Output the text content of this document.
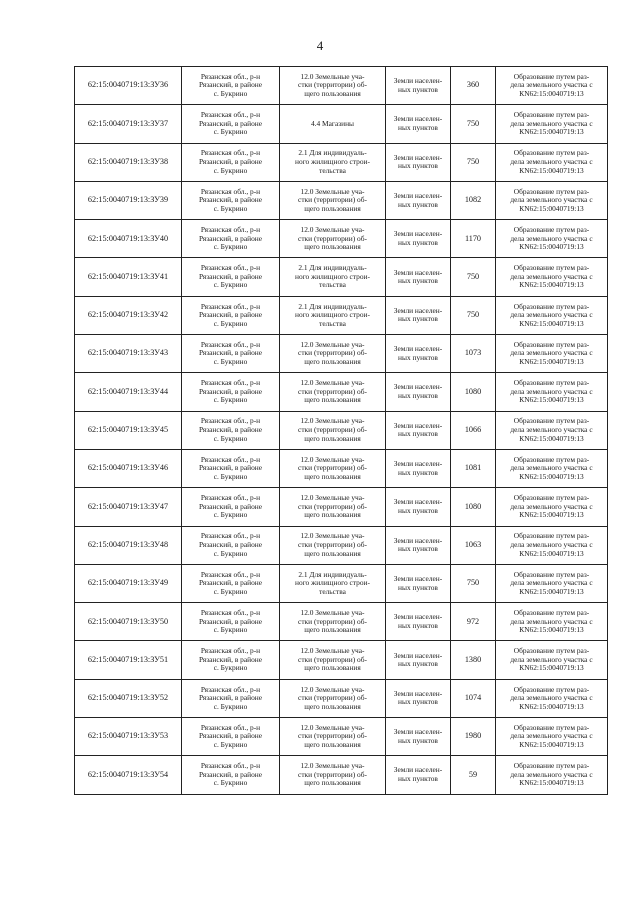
4
62:15:0040719:13:ЗУ36	Рязанская обл., р-н
Рязанский, в районе
с. Букрино	12.0 Земельные уча-
стки (территории) об-
щего пользования	Земли населен-
ных пунктов	360	Образование путем раз-
дела земельного участка с
КN62:15:0040719:13

62:15:0040719:13:ЗУ37	Рязанская обл., р-н
Рязанский, в районе
с. Букрино	4.4 Магазины	Земли населен-
ных пунктов	750	Образование путем раз-
дела земельного участка с
КN62:15:0040719:13

62:15:0040719:13:ЗУ38	Рязанская обл., р-н
Рязанский, в районе
с. Букрино	2.1 Для индивидуаль-
ного жилищного строи-
тельства	Земли населен-
ных пунктов	750	Образование путем раз-
дела земельного участка с
КN62:15:0040719:13

62:15:0040719:13:ЗУ39	Рязанская обл., р-н
Рязанский, в районе
с. Букрино	12.0 Земельные уча-
стки (территории) об-
щего пользования	Земли населен-
ных пунктов	1082	Образование путем раз-
дела земельного участка с
КN62:15:0040719:13

62:15:0040719:13:ЗУ40	Рязанская обл., р-н
Рязанский, в районе
с. Букрино	12.0 Земельные уча-
стки (территории) об-
щего пользования	Земли населен-
ных пунктов	1170	Образование путем раз-
дела земельного участка с
КN62:15:0040719:13

62:15:0040719:13:ЗУ41	Рязанская обл., р-н
Рязанский, в районе
с. Букрино	2.1 Для индивидуаль-
ного жилищного строи-
тельства	Земли населен-
ных пунктов	750	Образование путем раз-
дела земельного участка с
КN62:15:0040719:13

62:15:0040719:13:ЗУ42	Рязанская обл., р-н
Рязанский, в районе
с. Букрино	2.1 Для индивидуаль-
ного жилищного строи-
тельства	Земли населен-
ных пунктов	750	Образование путем раз-
дела земельного участка с
КN62:15:0040719:13

62:15:0040719:13:ЗУ43	Рязанская обл., р-н
Рязанский, в районе
с. Букрино	12.0 Земельные уча-
стки (территории) об-
щего пользования	Земли населен-
ных пунктов	1073	Образование путем раз-
дела земельного участка с
КN62:15:0040719:13

62:15:0040719:13:ЗУ44	Рязанская обл., р-н
Рязанский, в районе
с. Букрино	12.0 Земельные уча-
стки (территории) об-
щего пользования	Земли населен-
ных пунктов	1080	Образование путем раз-
дела земельного участка с
КN62:15:0040719:13

62:15:0040719:13:ЗУ45	Рязанская обл., р-н
Рязанский, в районе
с. Букрино	12.0 Земельные уча-
стки (территории) об-
щего пользования	Земли населен-
ных пунктов	1066	Образование путем раз-
дела земельного участка с
КN62:15:0040719:13

62:15:0040719:13:ЗУ46	Рязанская обл., р-н
Рязанский, в районе
с. Букрино	12.0 Земельные уча-
стки (территории) об-
щего пользования	Земли населен-
ных пунктов	1081	Образование путем раз-
дела земельного участка с
КN62:15:0040719:13

62:15:0040719:13:ЗУ47	Рязанская обл., р-н
Рязанский, в районе
с. Букрино	12.0 Земельные уча-
стки (территории) об-
щего пользования	Земли населен-
ных пунктов	1080	Образование путем раз-
дела земельного участка с
КN62:15:0040719:13

62:15:0040719:13:ЗУ48	Рязанская обл., р-н
Рязанский, в районе
с. Букрино	12.0 Земельные уча-
стки (территории) об-
щего пользования	Земли населен-
ных пунктов	1063	Образование путем раз-
дела земельного участка с
КN62:15:0040719:13

62:15:0040719:13:ЗУ49	Рязанская обл., р-н
Рязанский, в районе
с. Букрино	2.1 Для индивидуаль-
ного жилищного строи-
тельства	Земли населен-
ных пунктов	750	Образование путем раз-
дела земельного участка с
КN62:15:0040719:13

62:15:0040719:13:ЗУ50	Рязанская обл., р-н
Рязанский, в районе
с. Букрино	12.0 Земельные уча-
стки (территории) об-
щего пользования	Земли населен-
ных пунктов	972	Образование путем раз-
дела земельного участка с
КN62:15:0040719:13

62:15:0040719:13:ЗУ51	Рязанская обл., р-н
Рязанский, в районе
с. Букрино	12.0 Земельные уча-
стки (территории) об-
щего пользования	Земли населен-
ных пунктов	1380	Образование путем раз-
дела земельного участка с
КN62:15:0040719:13

62:15:0040719:13:ЗУ52	Рязанская обл., р-н
Рязанский, в районе
с. Букрино	12.0 Земельные уча-
стки (территории) об-
щего пользования	Земли населен-
ных пунктов	1074	Образование путем раз-
дела земельного участка с
КN62:15:0040719:13

62:15:0040719:13:ЗУ53	Рязанская обл., р-н
Рязанский, в районе
с. Букрино	12.0 Земельные уча-
стки (территории) об-
щего пользования	Земли населен-
ных пунктов	1980	Образование путем раз-
дела земельного участка с
КN62:15:0040719:13

62:15:0040719:13:ЗУ54	Рязанская обл., р-н
Рязанский, в районе
с. Букрино	12.0 Земельные уча-
стки (территории) об-
щего пользования	Земли населен-
ных пунктов	59	Образование путем раз-
дела земельного участка с
КN62:15:0040719:13
